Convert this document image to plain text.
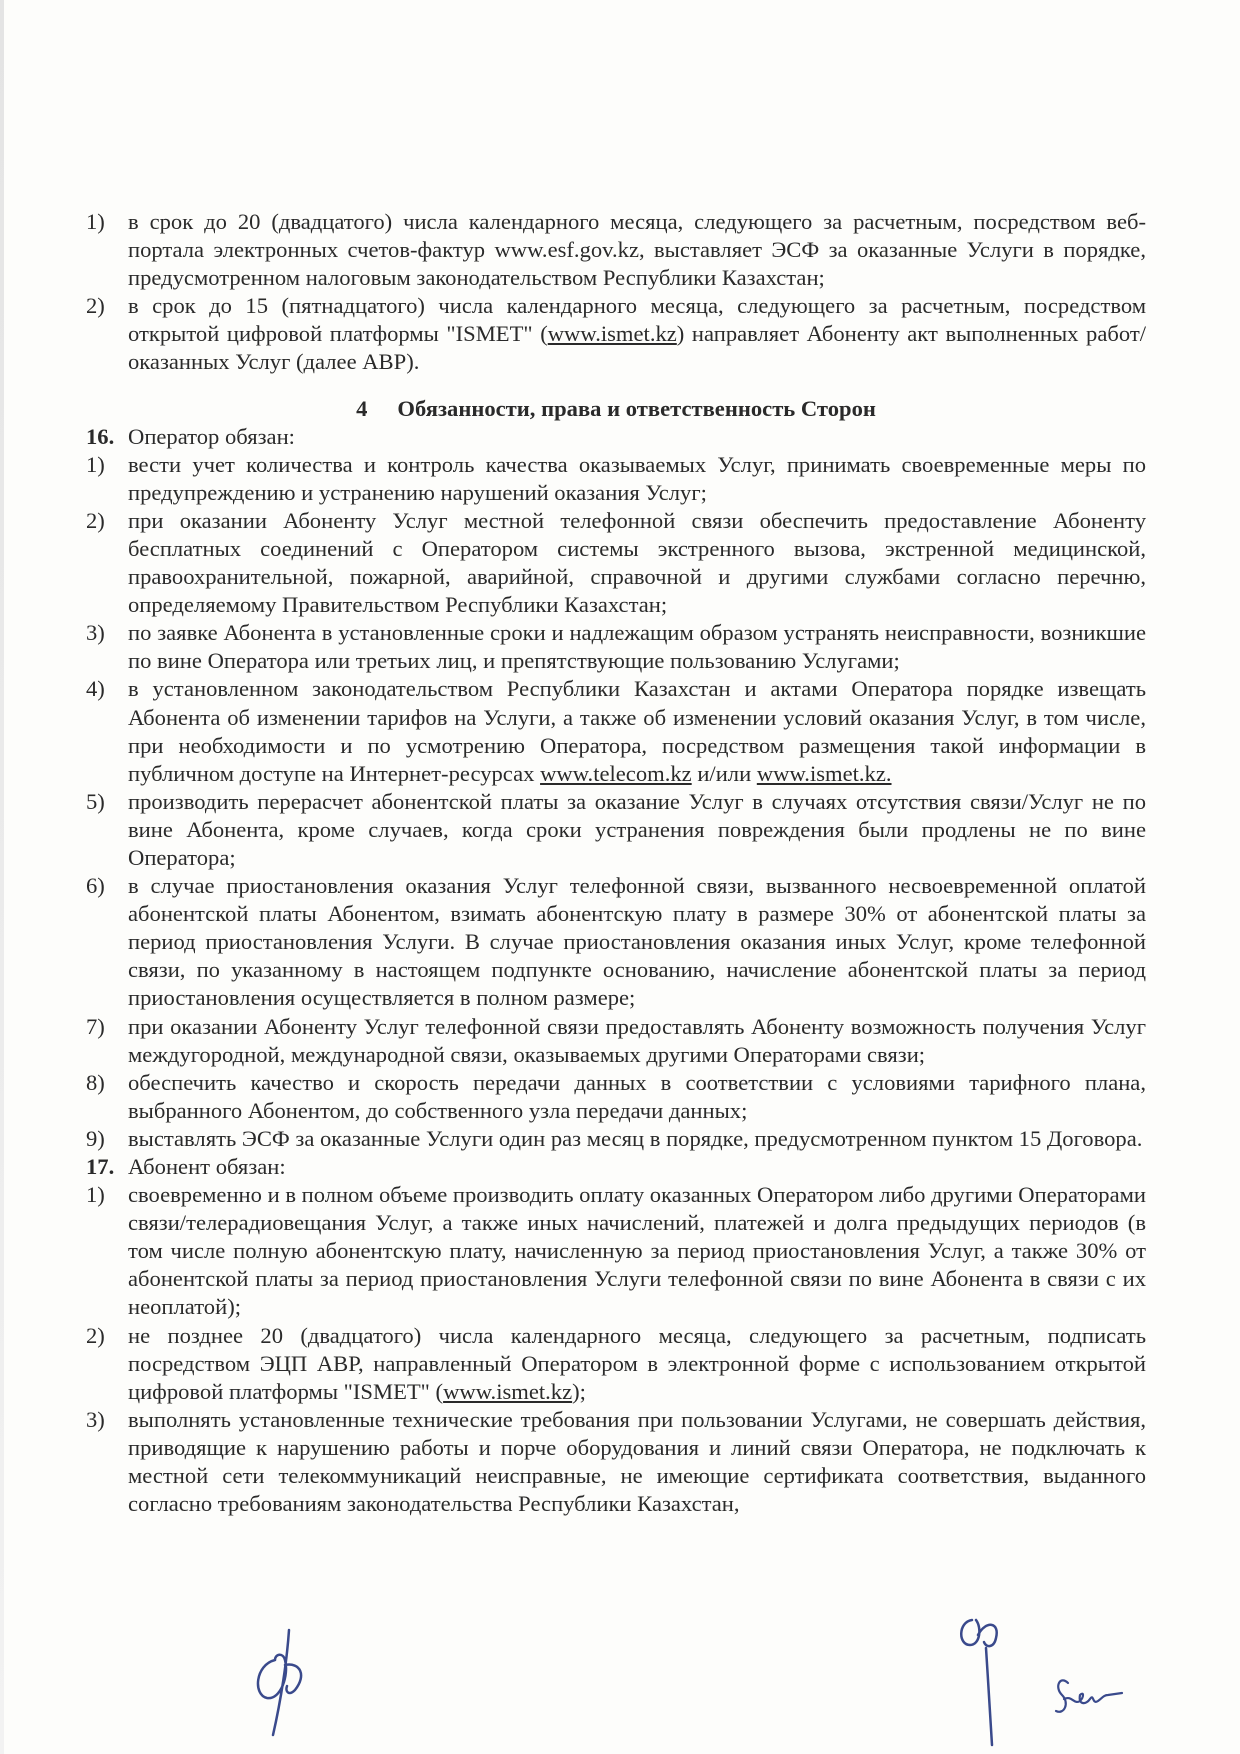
1)	в срок до 20 (двадцатого) числа календарного месяца, следующего за расчетным, посредством веб-портала электронных счетов-фактур www.esf.gov.kz, выставляет ЭСФ за оказанные Услуги в порядке, предусмотренном налоговым законодательством Республики Казахстан;
2)	в срок до 15 (пятнадцатого) числа календарного месяца, следующего за расчетным, посредством открытой цифровой платформы "ISMET" (www.ismet.kz) направляет Абоненту акт выполненных работ/оказанных Услуг (далее АВР).
4 Обязанности, права и ответственность Сторон
16. Оператор обязан:
1)	вести учет количества и контроль качества оказываемых Услуг, принимать своевременные меры по предупреждению и устранению нарушений оказания Услуг;
2)	при оказании Абоненту Услуг местной телефонной связи обеспечить предоставление Абоненту бесплатных соединений с Оператором системы экстренного вызова, экстренной медицинской, правоохранительной, пожарной, аварийной, справочной и другими службами согласно перечню, определяемому Правительством Республики Казахстан;
3)	по заявке Абонента в установленные сроки и надлежащим образом устранять неисправности, возникшие по вине Оператора или третьих лиц, и препятствующие пользованию Услугами;
4)	в установленном законодательством Республики Казахстан и актами Оператора порядке извещать Абонента об изменении тарифов на Услуги, а также об изменении условий оказания Услуг, в том числе, при необходимости и по усмотрению Оператора, посредством размещения такой информации в публичном доступе на Интернет-ресурсах www.telecom.kz и/или www.ismet.kz.
5)	производить перерасчет абонентской платы за оказание Услуг в случаях отсутствия связи/Услуг не по вине Абонента, кроме случаев, когда сроки устранения повреждения были продлены не по вине Оператора;
6)	в случае приостановления оказания Услуг телефонной связи, вызванного несвоевременной оплатой абонентской платы Абонентом, взимать абонентскую плату в размере 30% от абонентской платы за период приостановления Услуги. В случае приостановления оказания иных Услуг, кроме телефонной связи, по указанному в настоящем подпункте основанию, начисление абонентской платы за период приостановления осуществляется в полном размере;
7)	при оказании Абоненту Услуг телефонной связи предоставлять Абоненту возможность получения Услуг междугородной, международной связи, оказываемых другими Операторами связи;
8)	обеспечить качество и скорость передачи данных в соответствии с условиями тарифного плана, выбранного Абонентом, до собственного узла передачи данных;
9)	выставлять ЭСФ за оказанные Услуги один раз месяц в порядке, предусмотренном пунктом 15 Договора.
17. Абонент обязан:
1)	своевременно и в полном объеме производить оплату оказанных Оператором либо другими Операторами связи/телерадиовещания Услуг, а также иных начислений, платежей и долга предыдущих периодов (в том числе полную абонентскую плату, начисленную за период приостановления Услуг, а также 30% от абонентской платы за период приостановления Услуги телефонной связи по вине Абонента в связи с их неоплатой);
2)	не позднее 20 (двадцатого) числа календарного месяца, следующего за расчетным, подписать посредством ЭЦП АВР, направленный Оператором в электронной форме с использованием открытой цифровой платформы "ISMET" (www.ismet.kz);
3)	выполнять установленные технические требования при пользовании Услугами, не совершать действия, приводящие к нарушению работы и порче оборудования и линий связи Оператора, не подключать к местной сети телекоммуникаций неисправные, не имеющие сертификата соответствия, выданного согласно требованиям законодательства Республики Казахстан,
